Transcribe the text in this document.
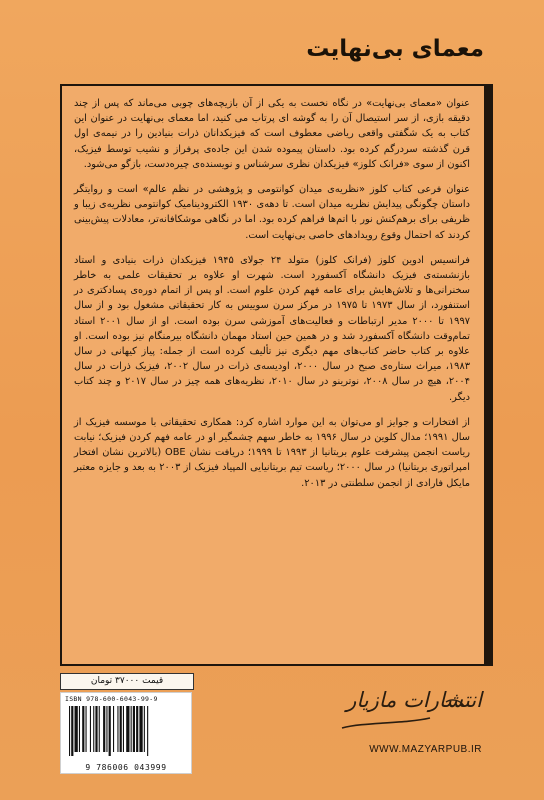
معمای بی‌نهایت

عنوان «معمای بی‌نهایت» در نگاه نخست به یکی از آن بازیچه‌های چوبی می‌ماند که پس از چند دقیقه بازی، از سر استیصال آن را به گوشه ای پرتاب می کنید، اما معمای بی‌نهایت در عنوان این کتاب به یک شگفتی واقعی ریاضی معطوف است که فیزیکدانان ذرات بنیادین را در نیمه‌ی اول قرن گذشته سردرگم کرده بود. داستان پیموده شدن این جاده‌ی پرفراز و نشیب توسط فیزیک، اکنون از سوی «فرانک کلوز» فیزیکدان نظری سرشناس و نویسنده‌ی چیره‌دست، بازگو می‌شود.

عنوان فرعی کتاب کلوز «نظریه‌ی میدان کوانتومی و پژوهشی در نظم عالم» است و روایتگر داستان چگونگی پیدایش نظریه میدان است. تا دهه‌ی ۱۹۳۰ الکترودینامیک کوانتومی نظریه‌ی زیبا و ظریفی برای برهم‌کنش نور با اتم‌ها فراهم کرده بود. اما در نگاهی موشکافانه‌تر، معادلات پیش‌بینی کردند که احتمال وقوع رویدادهای خاصی بی‌نهایت است.

فرانسیس ادوین کلوز (فرانک کلوز) متولد ۲۴ جولای ۱۹۴۵ فیزیکدان ذرات بنیادی و استاد بازنشسته‌ی فیزیک دانشگاه آکسفورد است. شهرت او علاوه بر تحقیقات علمی به خاطر سخنرانی‌ها و تلاش‌هایش برای عامه فهم کردن علوم است. او پس از اتمام دوره‌ی پسادکتری در استنفورد، از سال ۱۹۷۳ تا ۱۹۷۵ در مرکز سرن سوییس به کار تحقیقاتی مشغول بود و از سال ۱۹۹۷ تا ۲۰۰۰ مدیر ارتباطات و فعالیت‌های آموزشی سرن بوده است. او از سال ۲۰۰۱ استاد تمام‌وقت دانشگاه آکسفورد شد و در همین حین استاد مهمان دانشگاه بیرمنگام نیز بوده است. او علاوه بر کتاب حاضر کتاب‌های مهم دیگری نیز تألیف کرده است از جمله: پیاز کیهانی در سال ۱۹۸۳، میراث ستاره‌ی صبح در سال ۲۰۰۰، اودیسه‌ی ذرات در سال ۲۰۰۲، فیزیک ذرات در سال ۲۰۰۴، هیچ در سال ۲۰۰۸، نوترینو در سال ۲۰۱۰، نظریه‌های همه چیز در سال ۲۰۱۷ و چند کتاب دیگر.

از افتخارات و جوایز او می‌توان به این موارد اشاره کرد: همکاری تحقیقاتی با موسسه فیزیک از سال ۱۹۹۱؛ مدال کلوین در سال ۱۹۹۶ به خاطر سهم چشمگیر او در عامه فهم کردن فیزیک؛ نیابت ریاست انجمن پیشرفت علوم بریتانیا از ۱۹۹۳ تا ۱۹۹۹؛ دریافت نشان OBE (بالاترین نشان افتخار امپراتوری بریتانیا) در سال ۲۰۰۰؛ ریاست تیم بریتانیایی المپیاد فیزیک از ۲۰۰۳ به بعد و جایزه معتبر مایکل فارادی از انجمن سلطنتی در ۲۰۱۳.

قیمت ۳۷۰۰۰ تومان
ISBN 978-600-6043-99-9
9 786006 043999
انتشارات مازیار
WWW.MAZYARPUB.IR
